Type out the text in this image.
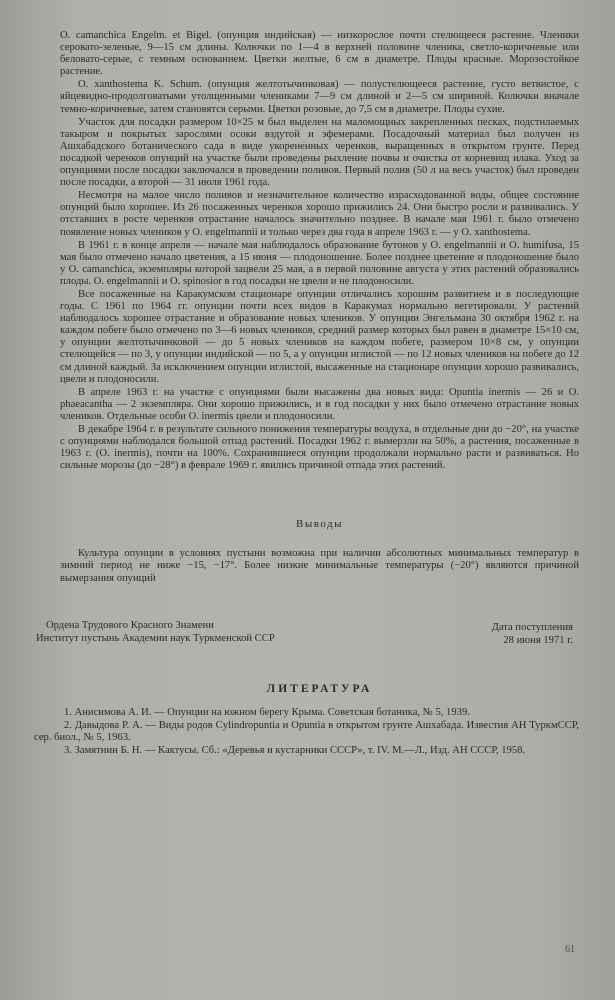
O. camanchica Engelm. et Bigel. (опунция индийская) — низкорослое почти стелющееся растение. Членики серовато-зеленые, 9—15 см длины. Колючки по 1—4 в верхней половине членика, светло-коричневые или беловато-серые, с темным основанием. Цветки желтые, 6 см в диаметре. Плоды красные. Морозостойкое растение.

O. xanthostema K. Schum. (опунция желтотычинковая) — полустелющееся растение, густо ветвистое, с яйцевидно-продолговатыми утолщенными члениками 7—9 см длиной и 2—5 см шириной. Колючки вначале темно-коричневые, затем становятся серыми. Цветки розовые, до 7,5 см в диаметре. Плоды сухие.

Участок для посадки размером 10×25 м был выделен на маломощных закрепленных песках, подстилаемых такыром и покрытых зарослями осоки вздутой и эфемерами. Посадочный материал был получен из Ашхабадского ботанического сада в виде укорененных черенков, выращенных в открытом грунте. Перед посадкой черенков опунций на участке были проведены рыхление почвы и очистка от корневищ илака. Уход за опунциями после посадки заключался в проведении поливов. Первый полив (50 л на весь участок) был проведен после посадки, а второй — 31 июля 1961 года.

Несмотря на малое число поливов и незначительное количество израсходованной воды, общее состояние опунций было хорошее. Из 26 посаженных черенков хорошо прижились 24. Они быстро росли и развивались. У отставших в росте черенков отрастание началось значительно позднее. В начале мая 1961 г. было отмечено появление новых члеников у O. engelmannii и только через два года в апреле 1963 г. — у O. xanthostema.

В 1961 г. в конце апреля — начале мая наблюдалось образование бутонов у O. engelmannii и O. humifusa, 15 мая было отмечено начало цветения, а 15 июня — плодоношение. Более позднее цветение и плодоношение было у O. camanchica, экземпляры которой зацвели 25 мая, а в первой половине августа у этих растений образовались плоды. O. engelmannii и O. spinosior в год посадки не цвели и не плодоносили.

Все посаженные на Каракумском стационаре опунции отличались хорошим развитием и в последующие годы. С 1961 по 1964 гг. опунции почти всех видов в Каракумах нормально вегетировали. У растений наблюдалось хорошее отрастание и образование новых члеников. У опунции Энгельмана 30 октября 1962 г. на каждом побеге было отмечено по 3—6 новых члеников, средний размер которых был равен в диаметре 15×10 см, у опунции желтотычинковой — до 5 новых члеников на каждом побеге, размером 10×8 см, у опунции стелющейся — по 3, у опунции индийской — по 5, а у опунции иглистой — по 12 новых члеников на побеге до 12 см длиной каждый. За исключением опунции иглистой, высаженные на стационаре опунции хорошо развивались, цвели и плодоносили.

В апреле 1963 г. на участке с опунциями были высажены два новых вида: Opuntia inermis — 26 и O. phaeacantha — 2 экземпляра. Они хорошо прижились, и в год посадки у них было отмечено отрастание новых члеников. Отдельные особи O. inermis цвели и плодоносили.

В декабре 1964 г. в результате сильного понижения температуры воздуха, в отдельные дни до −20°, на участке с опунциями наблюдался большой отпад растений. Посадки 1962 г. вымерзли на 50%, а растения, посаженные в 1963 г. (O. inermis), почти на 100%. Сохранившиеся опунции продолжали нормально расти и развиваться. Но сильные морозы (до −28°) в феврале 1969 г. явились причиной отпада этих растений.

Выводы

Культура опунции в условиях пустыни возможна при наличии абсолютных минимальных температур в зимний период не ниже −15, −17°. Более низкие минимальные температуры (−20°) являются причиной вымерзания опунций

Ордена Трудового Красного Знамени
Институт пустынь Академии наук Туркменской ССР
Дата поступления
28 июня 1971 г.
ЛИТЕРАТУРА

1. Анисимова А. И. — Опунции на южном берегу Крыма. Советская ботаника, № 5, 1939.

2. Давыдова Р. А. — Виды родов Cylindropuntia и Opuntia в открытом грунте Ашхабада. Известия АН ТуркмССР, сер. биол., № 5, 1963.

3. Замятнин Б. Н. — Кактусы. Сб.: «Деревья и кустарники СССР», т. IV. М.—Л., Изд. АН СССР, 1958.

61
